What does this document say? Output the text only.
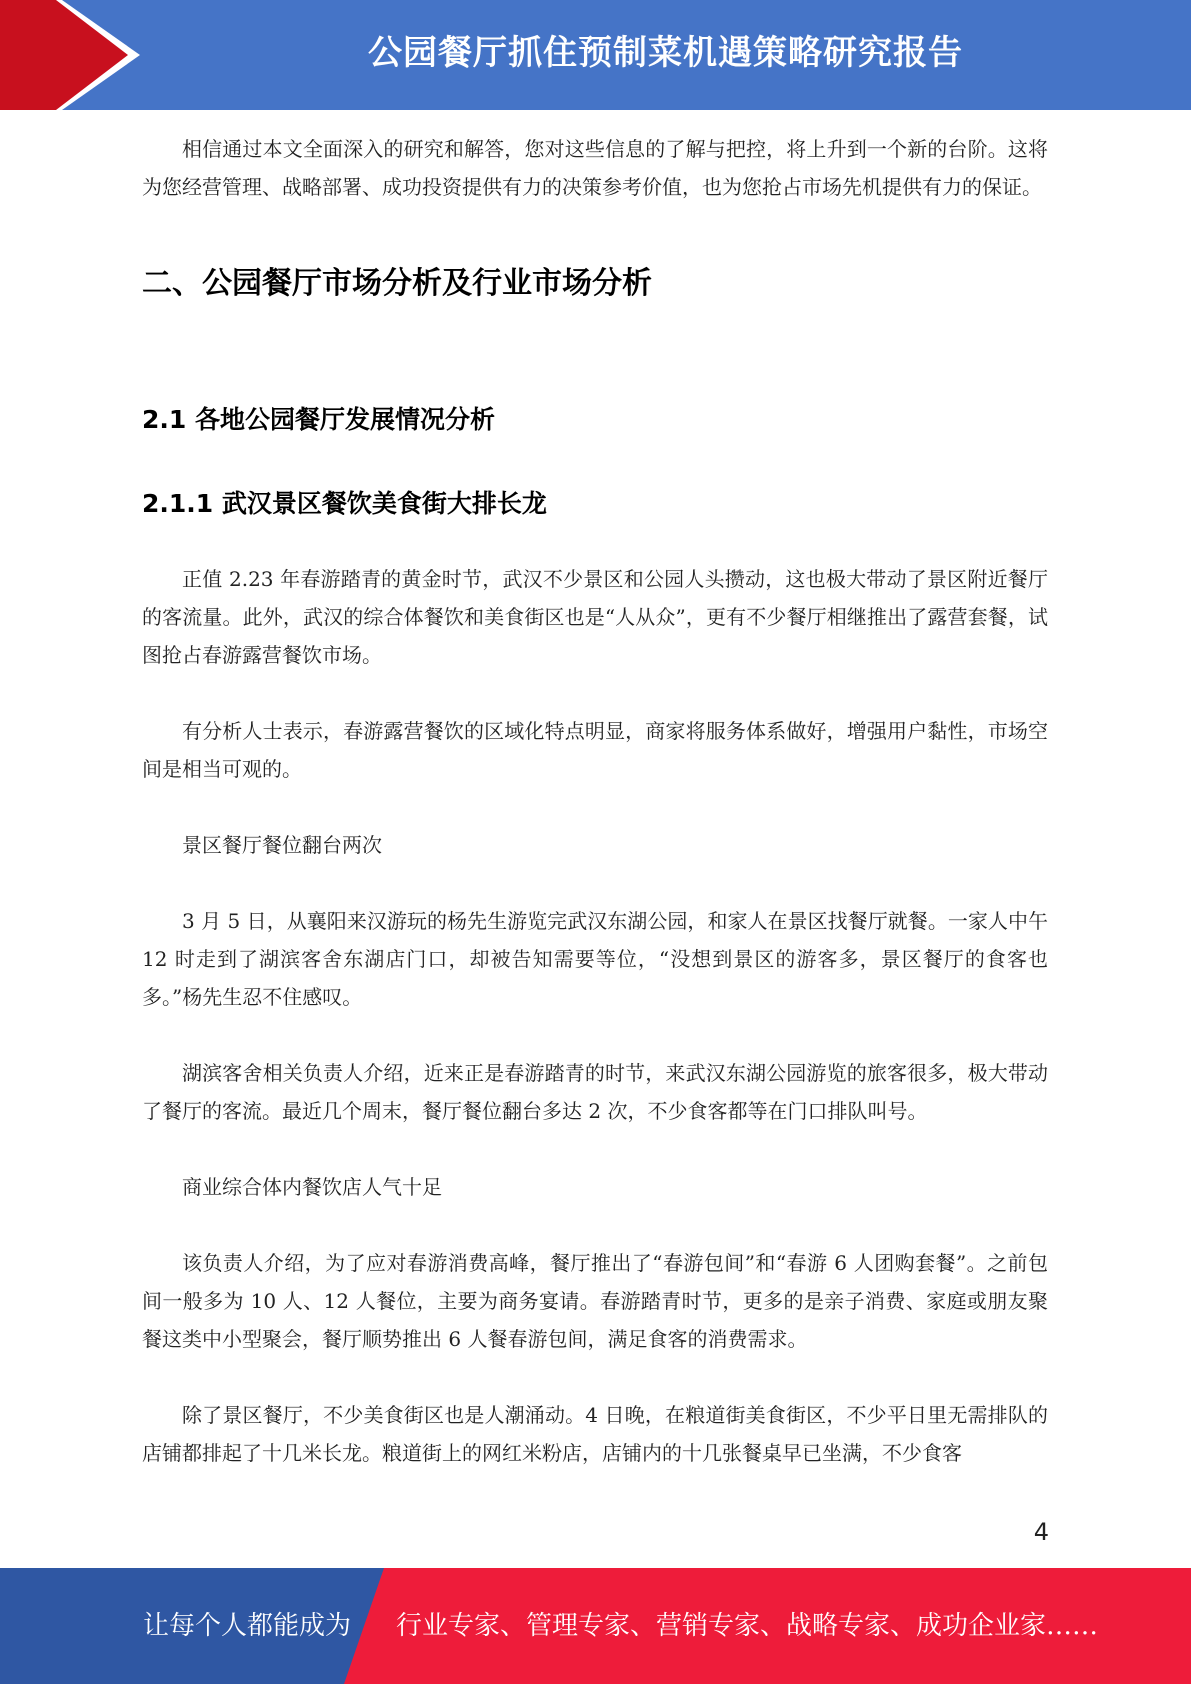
公园餐厅抓住预制菜机遇策略研究报告

相信通过本文全面深入的研究和解答，您对这些信息的了解与把控，将上升到一个新的台阶。这将为您经营管理、战略部署、成功投资提供有力的决策参考价值，也为您抢占市场先机提供有力的保证。

二、公园餐厅市场分析及行业市场分析
2.1 各地公园餐厅发展情况分析
2.1.1 武汉景区餐饮美食街大排长龙

正值 2.23 年春游踏青的黄金时节，武汉不少景区和公园人头攒动，这也极大带动了景区附近餐厅的客流量。此外，武汉的综合体餐饮和美食街区也是“人从众”，更有不少餐厅相继推出了露营套餐，试图抢占春游露营餐饮市场。

有分析人士表示，春游露营餐饮的区域化特点明显，商家将服务体系做好，增强用户黏性，市场空间是相当可观的。

景区餐厅餐位翻台两次

3 月 5 日，从襄阳来汉游玩的杨先生游览完武汉东湖公园，和家人在景区找餐厅就餐。一家人中午 12 时走到了湖滨客舍东湖店门口，却被告知需要等位，“没想到景区的游客多，景区餐厅的食客也多。”杨先生忍不住感叹。

湖滨客舍相关负责人介绍，近来正是春游踏青的时节，来武汉东湖公园游览的旅客很多，极大带动了餐厅的客流。最近几个周末，餐厅餐位翻台多达 2 次，不少食客都等在门口排队叫号。

商业综合体内餐饮店人气十足

该负责人介绍，为了应对春游消费高峰，餐厅推出了“春游包间”和“春游 6 人团购套餐”。之前包间一般多为 10 人、12 人餐位，主要为商务宴请。春游踏青时节，更多的是亲子消费、家庭或朋友聚餐这类中小型聚会，餐厅顺势推出 6 人餐春游包间，满足食客的消费需求。

除了景区餐厅，不少美食街区也是人潮涌动。4 日晚，在粮道街美食街区，不少平日里无需排队的店铺都排起了十几米长龙。粮道街上的网红米粉店，店铺内的十几张餐桌早已坐满，不少食客

4
让每个人都能成为 行业专家、管理专家、营销专家、战略专家、成功企业家……
